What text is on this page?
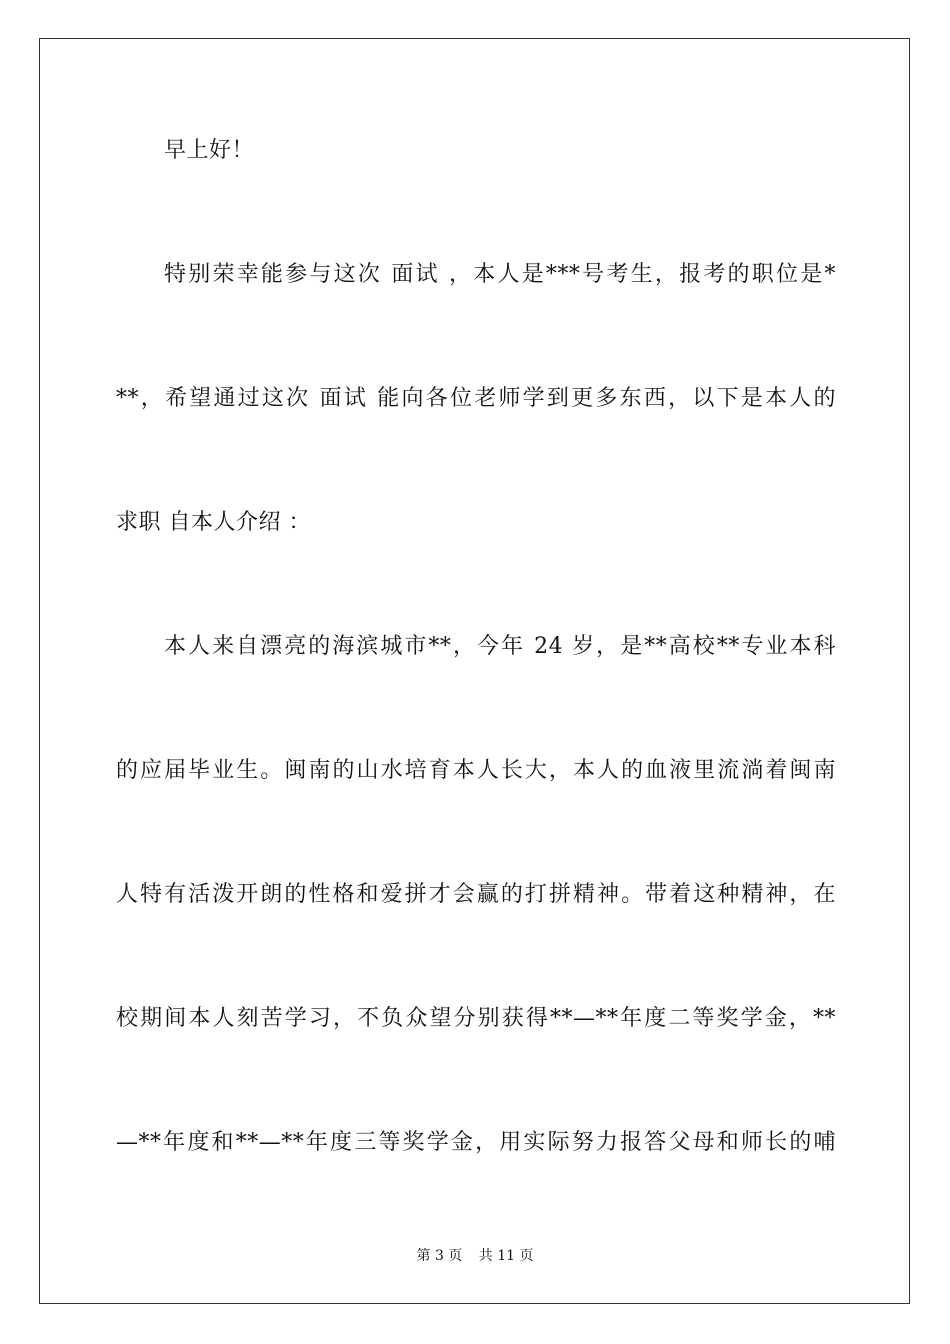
早上好！
特别荣幸能参与这次 面试 ，本人是***号考生，报考的职位是*
**，希望通过这次 面试 能向各位老师学到更多东西，以下是本人的
求职 自本人介绍 ：
本人来自漂亮的海滨城市**，今年 24 岁，是**高校**专业本科
的应届毕业生。闽南的山水培育本人长大，本人的血液里流淌着闽南
人特有活泼开朗的性格和爱拼才会赢的打拼精神。带着这种精神，在
校期间本人刻苦学习，不负众望分别获得**—**年度二等奖学金，**
—**年度和**—**年度三等奖学金，用实际努力报答父母和师长的哺
第 3 页 共 11 页
